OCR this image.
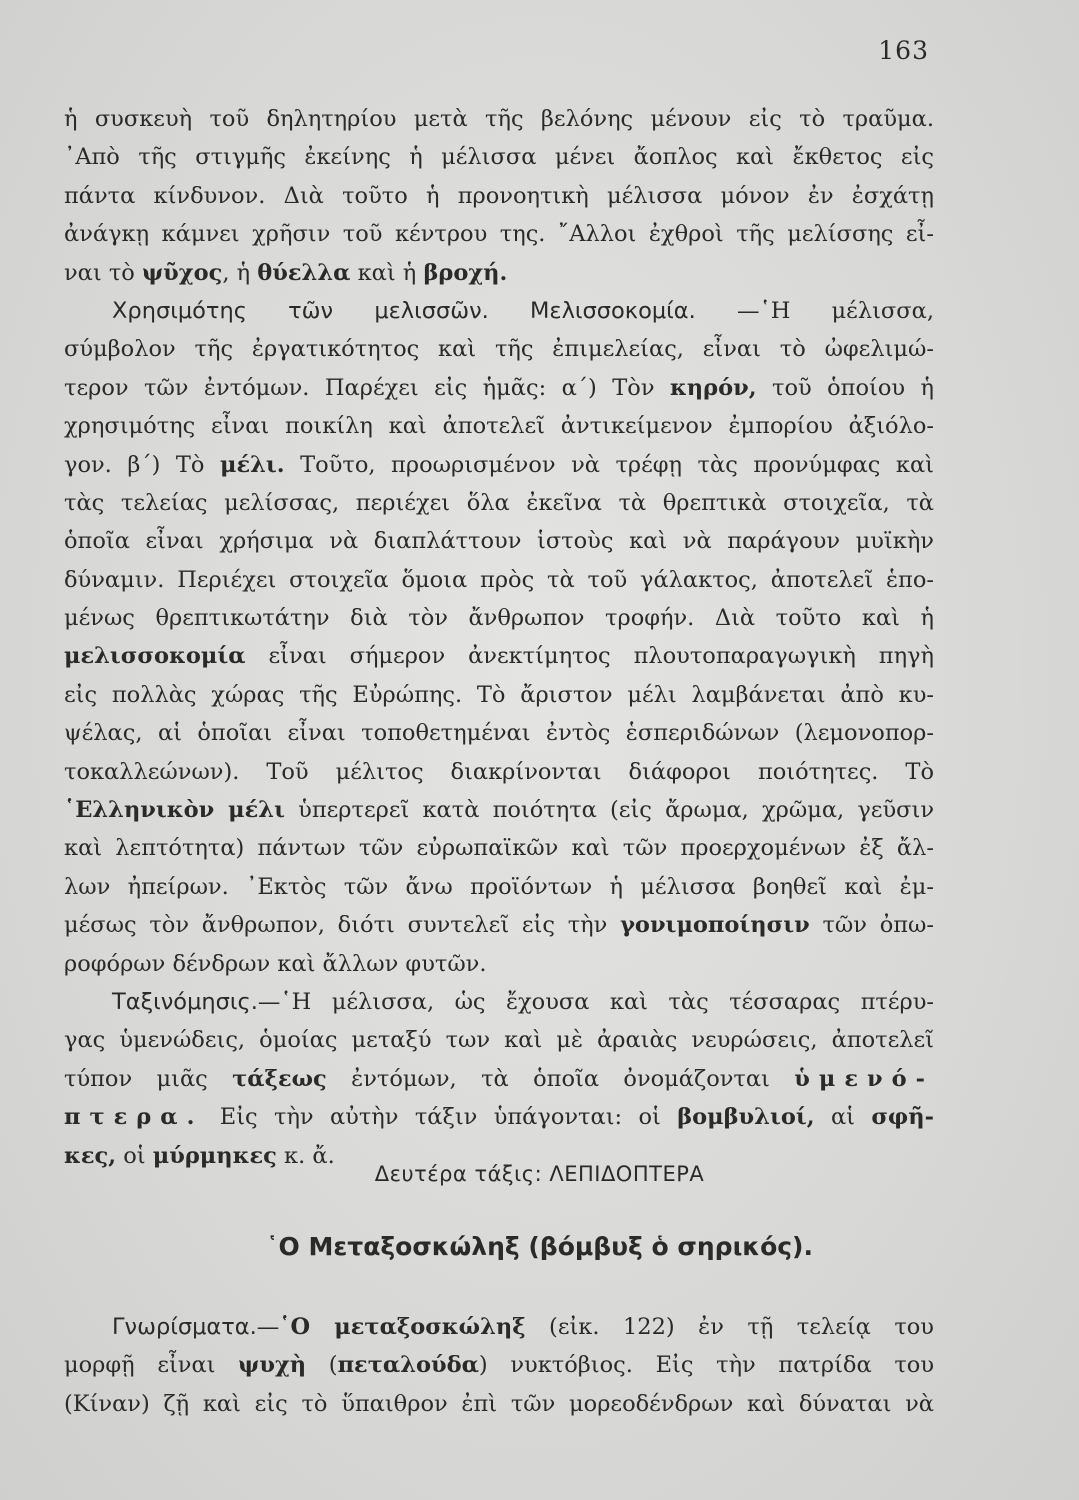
163
ἡ συσκευὴ τοῦ δηλητηρίου μετὰ τῆς βελόνης μένουν εἰς τὸ τραῦμα.
᾿Απὸ τῆς στιγμῆς ἐκείνης ἡ μέλισσα μένει ἄοπλος καὶ ἔκθετος εἰς
πάντα κίνδυνον. Διὰ τοῦτο ἡ προνοητικὴ μέλισσα μόνον ἐν ἐσχάτῃ
ἀνάγκῃ κάμνει χρῆσιν τοῦ κέντρου της. ῎Αλλοι ἐχθροὶ τῆς μελίσσης εἶ-
ναι τὸ ψῦχος, ἡ θύελλα καὶ ἡ βροχή.
Χρησιμότης τῶν μελισσῶν. Μελισσοκομία. —῾Η μέλισσα,
σύμβολον τῆς ἐργατικότητος καὶ τῆς ἐπιμελείας, εἶναι τὸ ὠφελιμώ-
τερον τῶν ἐντόμων. Παρέχει εἰς ἡμᾶς: α΄) Τὸν κηρόν, τοῦ ὁποίου ἡ
χρησιμότης εἶναι ποικίλη καὶ ἀποτελεῖ ἀντικείμενον ἐμπορίου ἀξιόλο-
γον. β΄) Τὸ μέλι. Τοῦτο, προωρισμένον νὰ τρέφῃ τὰς προνύμφας καὶ
τὰς τελείας μελίσσας, περιέχει ὅλα ἐκεῖνα τὰ θρεπτικὰ στοιχεῖα, τὰ
ὁποῖα εἶναι χρήσιμα νὰ διαπλάττουν ἱστοὺς καὶ νὰ παράγουν μυϊκὴν
δύναμιν. Περιέχει στοιχεῖα ὅμοια πρὸς τὰ τοῦ γάλακτος, ἀποτελεῖ ἑπο-
μένως θρεπτικωτάτην διὰ τὸν ἄνθρωπον τροφήν. Διὰ τοῦτο καὶ ἡ
μελισσοκομία εἶναι σήμερον ἀνεκτίμητος πλουτοπαραγωγικὴ πηγὴ
εἰς πολλὰς χώρας τῆς Εὐρώπης. Τὸ ἄριστον μέλι λαμβάνεται ἀπὸ κυ-
ψέλας, αἱ ὁποῖαι εἶναι τοποθετημέναι ἐντὸς ἑσπεριδώνων (λεμονοπορ-
τοκαλλεώνων). Τοῦ μέλιτος διακρίνονται διάφοροι ποιότητες. Τὸ
῾Ελληνικὸν μέλι ὑπερτερεῖ κατὰ ποιότητα (εἰς ἄρωμα, χρῶμα, γεῦσιν
καὶ λεπτότητα) πάντων τῶν εὐρωπαϊκῶν καὶ τῶν προερχομένων ἐξ ἄλ-
λων ἠπείρων. ᾿Εκτὸς τῶν ἄνω προϊόντων ἡ μέλισσα βοηθεῖ καὶ ἐμ-
μέσως τὸν ἄνθρωπον, διότι συντελεῖ εἰς τὴν γονιμοποίησιν τῶν ὀπω-
ροφόρων δένδρων καὶ ἄλλων φυτῶν.
Ταξινόμησις.—῾Η μέλισσα, ὡς ἔχουσα καὶ τὰς τέσσαρας πτέρυ-
γας ὑμενώδεις, ὁμοίας μεταξύ των καὶ μὲ ἀραιὰς νευρώσεις, ἀποτελεῖ
τύπον μιᾶς τάξεως ἐντόμων, τὰ ὁποῖα ὀνομάζονται ὑμενό-
πτερα. Εἰς τὴν αὐτὴν τάξιν ὑπάγονται: οἱ βομβυλιοί, αἱ σφῆ-
κες, οἱ μύρμηκες κ. ἄ.
Δευτέρα τάξις: ΛΕΠΙΔΟΠΤΕΡΑ
῾Ο Μεταξοσκώληξ (βόμβυξ ὁ σηρικός).
Γνωρίσματα.—῾Ο μεταξοσκώληξ (εἰκ. 122) ἐν τῇ τελείᾳ του
μορφῇ εἶναι ψυχὴ (πεταλούδα) νυκτόβιος. Εἰς τὴν πατρίδα του
(Κίναν) ζῇ καὶ εἰς τὸ ὕπαιθρον ἐπὶ τῶν μορεοδένδρων καὶ δύναται νὰ
